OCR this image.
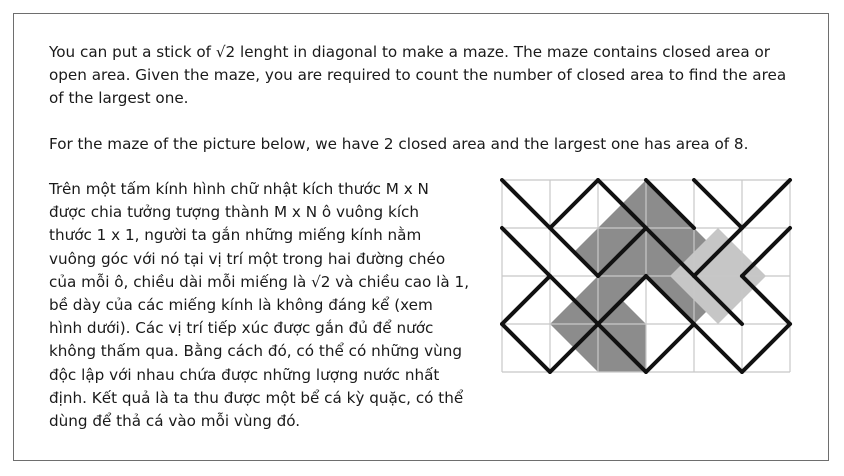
You can put a stick of √2 lenght in diagonal to make a maze. The maze contains closed area or open area. Given the maze, you are required to count the number of closed area to find the area of the largest one.

For the maze of the picture below, we have 2 closed area and the largest one has area of 8.

Trên một tấm kính hình chữ nhật kích thước M x N
được chia tưởng tượng thành M x N ô vuông kích
thước 1 x 1, người ta gắn những miếng kính nằm
vuông góc với nó tại vị trí một trong hai đường chéo
của mỗi ô, chiều dài mỗi miếng là √2 và chiều cao là 1,
bề dày của các miếng kính là không đáng kể (xem
hình dưới). Các vị trí tiếp xúc được gắn đủ để nước
không thấm qua. Bằng cách đó, có thể có những vùng
độc lập với nhau chứa được những lượng nước nhất
định. Kết quả là ta thu được một bể cá kỳ quặc, có thể
dùng để thả cá vào mỗi vùng đó.
